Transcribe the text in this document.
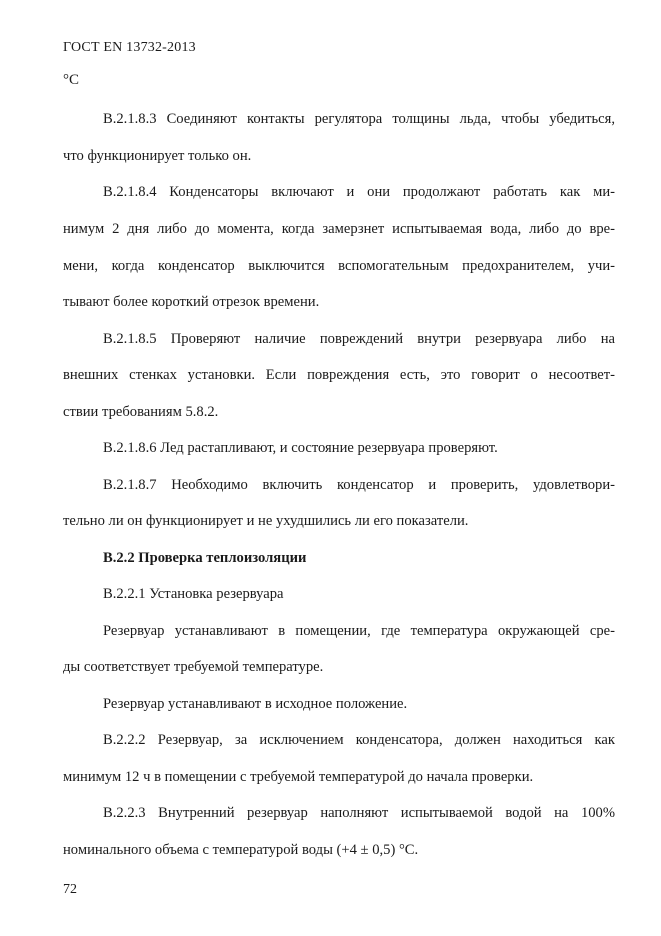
ГОСТ EN 13732-2013
°C
В.2.1.8.3 Соединяют контакты регулятора толщины льда, чтобы убедиться,
что функционирует только он.
В.2.1.8.4 Конденсаторы включают и они продолжают работать как ми-
нимум 2 дня либо до момента, когда замерзнет испытываемая вода, либо до вре-
мени, когда конденсатор выключится вспомогательным предохранителем, учи-
тывают более короткий отрезок времени.
В.2.1.8.5 Проверяют наличие повреждений внутри резервуара либо на
внешних стенках установки. Если повреждения есть, это говорит о несоответ-
ствии требованиям 5.8.2.
В.2.1.8.6 Лед растапливают, и состояние резервуара проверяют.
В.2.1.8.7 Необходимо включить конденсатор и проверить, удовлетвори-
тельно ли он функционирует и не ухудшились ли его показатели.
В.2.2 Проверка теплоизоляции
В.2.2.1 Установка резервуара
Резервуар устанавливают в помещении, где температура окружающей сре-
ды соответствует требуемой температуре.
Резервуар устанавливают в исходное положение.
В.2.2.2 Резервуар, за исключением конденсатора, должен находиться как
минимум 12 ч в помещении с требуемой температурой до начала проверки.
В.2.2.3 Внутренний резервуар наполняют испытываемой водой на 100%
номинального объема с температурой воды (+4 ± 0,5) °С.
72
